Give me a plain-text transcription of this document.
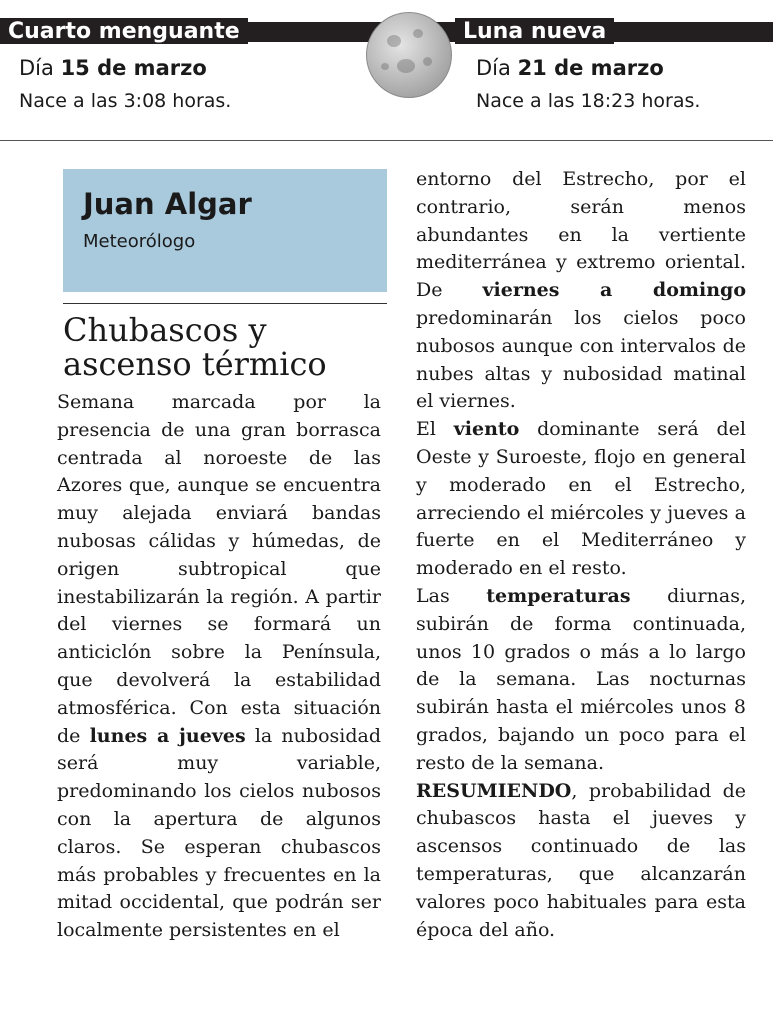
Cuarto menguante	Luna nueva
Día 15 de marzo
Nace a las 3:08 horas.
Día 21 de marzo
Nace a las 18:23 horas.
Juan Algar
Meteorólogo
Chubascos y ascenso térmico

Semana marcada por la presencia de una gran borrasca centrada al noroeste de las Azores que, aunque se encuentra muy alejada enviará bandas nubosas cálidas y húmedas, de origen subtropical que inestabilizarán la región. A partir del viernes se formará un anticiclón sobre la Península, que devolverá la estabilidad atmosférica. Con esta situación de lunes a jueves la nubosidad será muy variable, predominando los cielos nubosos con la apertura de algunos claros. Se esperan chubascos más probables y frecuentes en la mitad occidental, que podrán ser localmente persistentes en el

entorno del Estrecho, por el contrario, serán menos abundantes en la vertiente mediterránea y extremo oriental. De viernes a domingo predominarán los cielos poco nubosos aunque con intervalos de nubes altas y nubosidad matinal el viernes.

El viento dominante será del Oeste y Suroeste, flojo en general y moderado en el Estrecho, arreciendo el miércoles y jueves a fuerte en el Mediterráneo y moderado en el resto.

Las temperaturas diurnas, subirán de forma continuada, unos 10 grados o más a lo largo de la semana. Las nocturnas subirán hasta el miércoles unos 8 grados, bajando un poco para el resto de la semana.

RESUMIENDO, probabilidad de chubascos hasta el jueves y ascensos continuado de las temperaturas, que alcanzarán valores poco habituales para esta época del año.
